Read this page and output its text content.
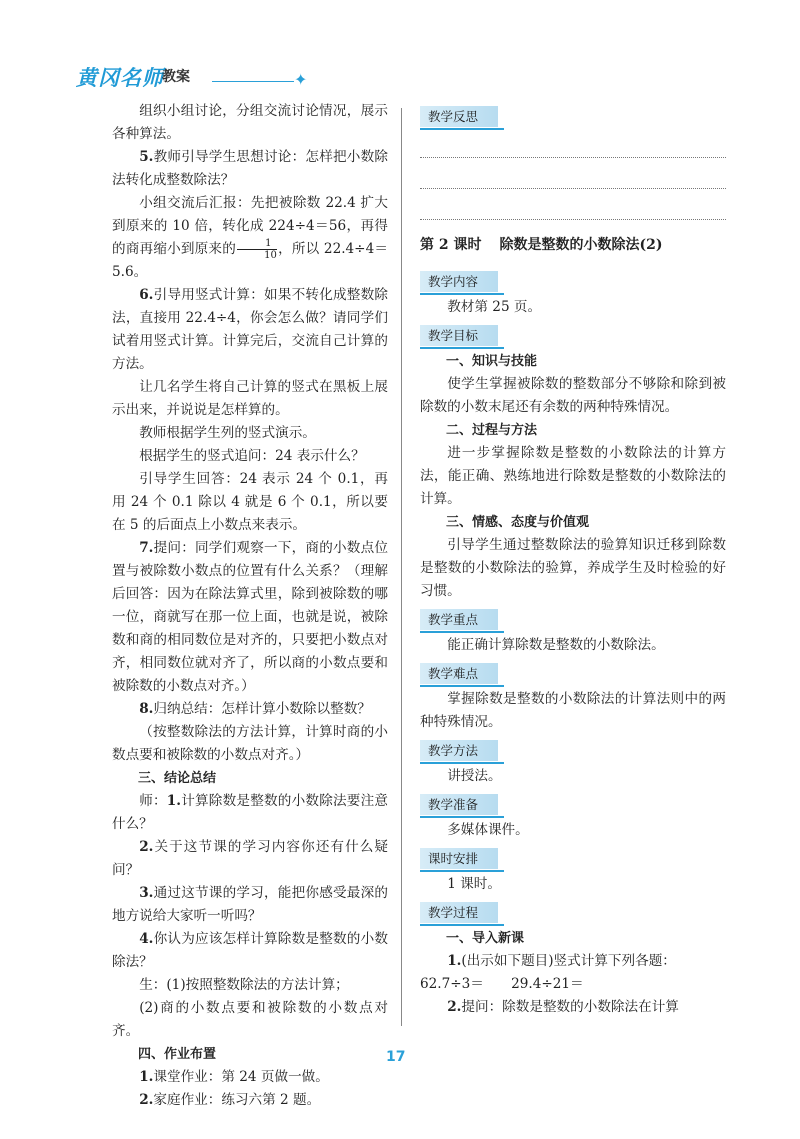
黄冈名师
教案	✦

组织小组讨论，分组交流讨论情况，展示各种算法。

5.教师引导学生思想讨论：怎样把小数除法转化成整数除法？

小组交流后汇报：先把被除数 22.4 扩大到原来的 10 倍，转化成 224÷4＝56，再得的商再缩小到原来的 $\frac{1}{10}$ ，所以 22.4÷4＝5.6。

6.引导用竖式计算：如果不转化成整数除法，直接用 22.4÷4，你会怎么做？请同学们试着用竖式计算。计算完后，交流自己计算的方法。

让几名学生将自己计算的竖式在黑板上展示出来，并说说是怎样算的。

教师根据学生列的竖式演示。

根据学生的竖式追问：24 表示什么？

引导学生回答：24 表示 24 个 0.1，再用 24 个 0.1 除以 4 就是 6 个 0.1，所以要在 5 的后面点上小数点来表示。

7.提问：同学们观察一下，商的小数点位置与被除数小数点的位置有什么关系？（理解后回答：因为在除法算式里，除到被除数的哪一位，商就写在那一位上面，也就是说，被除数和商的相同数位是对齐的，只要把小数点对齐，相同数位就对齐了，所以商的小数点要和被除数的小数点对齐。）

8.归纳总结：怎样计算小数除以整数？

（按整数除法的方法计算，计算时商的小数点要和被除数的小数点对齐。）

三、结论总结

师：1.计算除数是整数的小数除法要注意什么？

2.关于这节课的学习内容你还有什么疑问？

3.通过这节课的学习，能把你感受最深的地方说给大家听一听吗？

4.你认为应该怎样计算除数是整数的小数除法？

生：(1)按照整数除法的方法计算；

(2)商的小数点要和被除数的小数点对齐。

四、作业布置

1.课堂作业：第 24 页做一做。

2.家庭作业：练习六第 2 题。

教学反思
第 2 课时 除数是整数的小数除法(2)
教学内容

教材第 25 页。

教学目标

一、知识与技能

使学生掌握被除数的整数部分不够除和除到被除数的小数末尾还有余数的两种特殊情况。

二、过程与方法

进一步掌握除数是整数的小数除法的计算方法，能正确、熟练地进行除数是整数的小数除法的计算。

三、情感、态度与价值观

引导学生通过整数除法的验算知识迁移到除数是整数的小数除法的验算，养成学生及时检验的好习惯。

教学重点

能正确计算除数是整数的小数除法。

教学难点

掌握除数是整数的小数除法的计算法则中的两种特殊情况。

教学方法

讲授法。

教学准备

多媒体课件。

课时安排

1 课时。

教学过程

一、导入新课

1.(出示如下题目)竖式计算下列各题：

62.7÷3＝　　29.4÷21＝

2.提问：除数是整数的小数除法在计算

17
